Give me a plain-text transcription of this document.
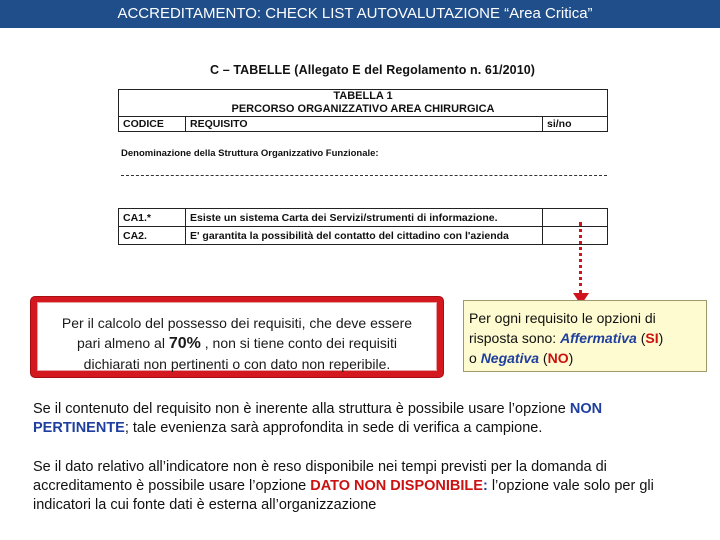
ACCREDITAMENTO: CHECK LIST AUTOVALUTAZIONE “Area Critica”
C – TABELLE (Allegato E del Regolamento n. 61/2010)
TABELLA 1
PERCORSO ORGANIZZATIVO AREA CHIRURGICA

CODICE	REQUISITO	si/no
Denominazione della Struttura Organizzativo Funzionale:
CA1.*	Esiste un sistema Carta dei Servizi/strumenti di informazione.	
CA2.	E' garantita la possibilità del contatto del cittadino con l'azienda	
Per il calcolo del possesso dei requisiti, che deve essere
pari almeno al 70% , non si tiene conto dei requisiti
dichiarati non pertinenti o con dato non reperibile.
Per ogni requisito le opzioni di
risposta sono: Affermativa (SI)
o Negativa (NO)
Se il contenuto del requisito non è inerente alla struttura è possibile usare l’opzione NON PERTINENTE; tale evenienza sarà approfondita in sede di verifica a campione.
Se il dato relativo all’indicatore non è reso disponibile nei tempi previsti per la domanda di accreditamento è possibile usare l’opzione DATO NON DISPONIBILE: l’opzione vale solo per gli indicatori la cui fonte dati è esterna all’organizzazione
